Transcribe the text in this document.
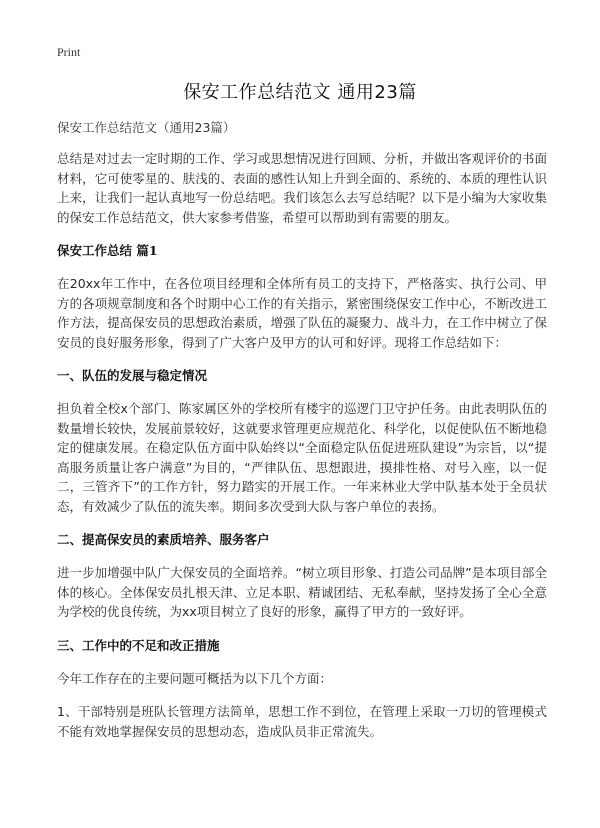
Print
保安工作总结范文 通用23篇

保安工作总结范文（通用23篇）

总结是对过去一定时期的工作、学习或思想情况进行回顾、分析，并做出客观评价的书面材料，它可使零星的、肤浅的、表面的感性认知上升到全面的、系统的、本质的理性认识上来，让我们一起认真地写一份总结吧。我们该怎么去写总结呢？以下是小编为大家收集的保安工作总结范文，供大家参考借鉴，希望可以帮助到有需要的朋友。

保安工作总结 篇1

在20xx年工作中，在各位项目经理和全体所有员工的支持下，严格落实、执行公司、甲方的各项规章制度和各个时期中心工作的有关指示，紧密围绕保安工作中心，不断改进工作方法，提高保安员的思想政治素质，增强了队伍的凝聚力、战斗力，在工作中树立了保安员的良好服务形象，得到了广大客户及甲方的认可和好评。现将工作总结如下：

一、队伍的发展与稳定情况

担负着全校x个部门、陈家属区外的学校所有楼宇的巡逻门卫守护任务。由此表明队伍的数量增长较快，发展前景较好，这就要求管理更应规范化、科学化，以促使队伍不断地稳定的健康发展。在稳定队伍方面中队始终以“全面稳定队伍促进班队建设”为宗旨，以“提高服务质量让客户满意”为目的，“严律队伍、思想跟进，摸排性格、对号入座，以一促二，三管齐下”的工作方针，努力踏实的开展工作。一年来林业大学中队基本处于全员状态，有效减少了队伍的流失率。期间多次受到大队与客户单位的表扬。

二、提高保安员的素质培养、服务客户

进一步加增强中队广大保安员的全面培养。“树立项目形象、打造公司品牌”是本项目部全体的核心。全体保安员扎根天津、立足本职、精诚团结、无私奉献，坚持发扬了全心全意为学校的优良传统，为xx项目树立了良好的形象，赢得了甲方的一致好评。

三、工作中的不足和改正措施

今年工作存在的主要问题可概括为以下几个方面：

1、干部特别是班队长管理方法简单，思想工作不到位，在管理上采取一刀切的管理模式不能有效地掌握保安员的思想动态，造成队员非正常流失。
